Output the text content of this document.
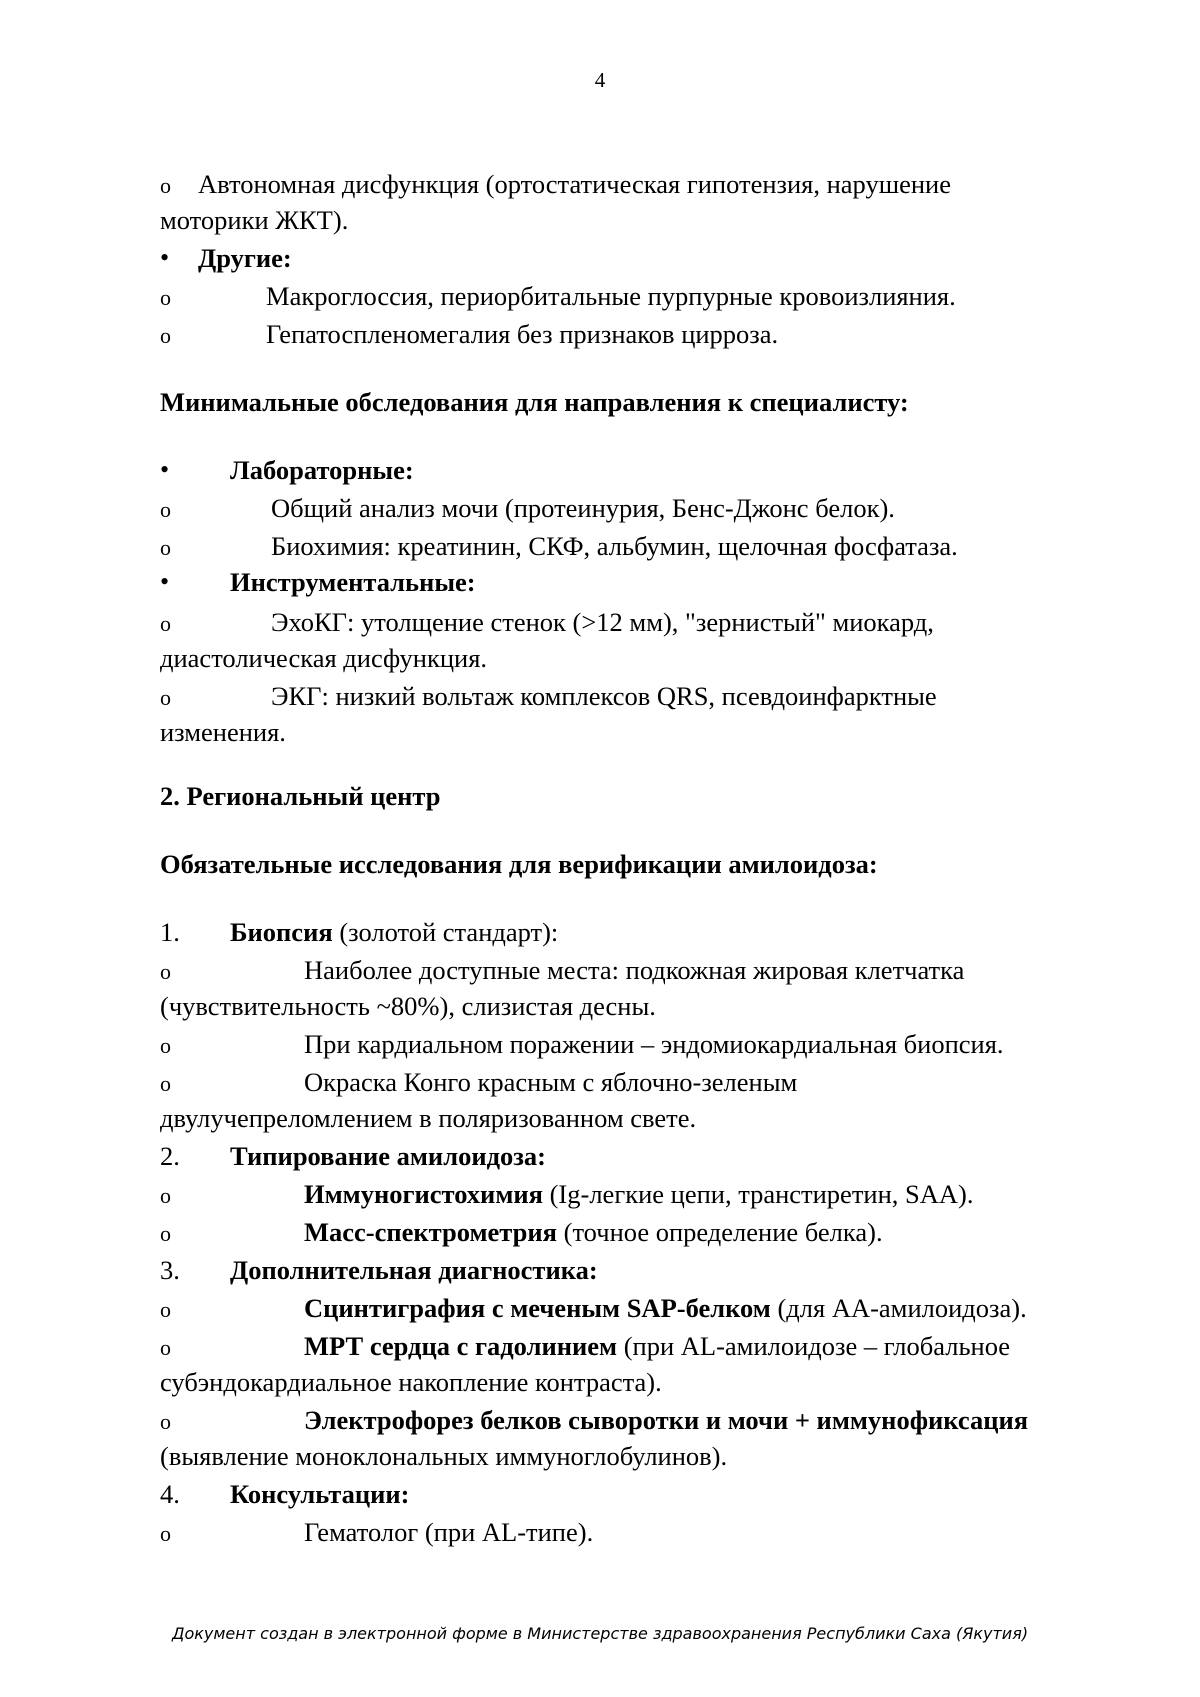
4
o Автономная дисфункция (ортостатическая гипотензия, нарушение
моторики ЖКТ).
• Другие:
o	Макроглоссия, периорбитальные пурпурные кровоизлияния.
o	Гепатоспленомегалия без признаков цирроза.
Минимальные обследования для направления к специалисту:
• Лабораторные:
o	Общий анализ мочи (протеинурия, Бенс-Джонс белок).
o	Биохимия: креатинин, СКФ, альбумин, щелочная фосфатаза.
• Инструментальные:
o	ЭхоКГ: утолщение стенок (>12 мм), "зернистый" миокард,
диастолическая дисфункция.
o	ЭКГ: низкий вольтаж комплексов QRS, псевдоинфарктные
изменения.
2. Региональный центр
Обязательные исследования для верификации амилоидоза:
1. Биопсия (золотой стандарт):
o	Наиболее доступные места: подкожная жировая клетчатка
(чувствительность ~80%), слизистая десны.
o	При кардиальном поражении – эндомиокардиальная биопсия.
o	Окраска Конго красным с яблочно-зеленым
двулучепреломлением в поляризованном свете.
2. Типирование амилоидоза:
o	Иммуногистохимия (Ig-легкие цепи, транстиретин, SAA).
o	Масс-спектрометрия (точное определение белка).
3. Дополнительная диагностика:
o	Сцинтиграфия с меченым SAP-белком (для АА-амилоидоза).
o	МРТ сердца с гадолинием (при AL-амилоидозе – глобальное
субэндокардиальное накопление контраста).
o	Электрофорез белков сыворотки и мочи + иммунофиксация
(выявление моноклональных иммуноглобулинов).
4. Консультации:
o	Гематолог (при AL-типе).
Документ создан в электронной форме в Министерстве здравоохранения Республики Саха (Якутия)
